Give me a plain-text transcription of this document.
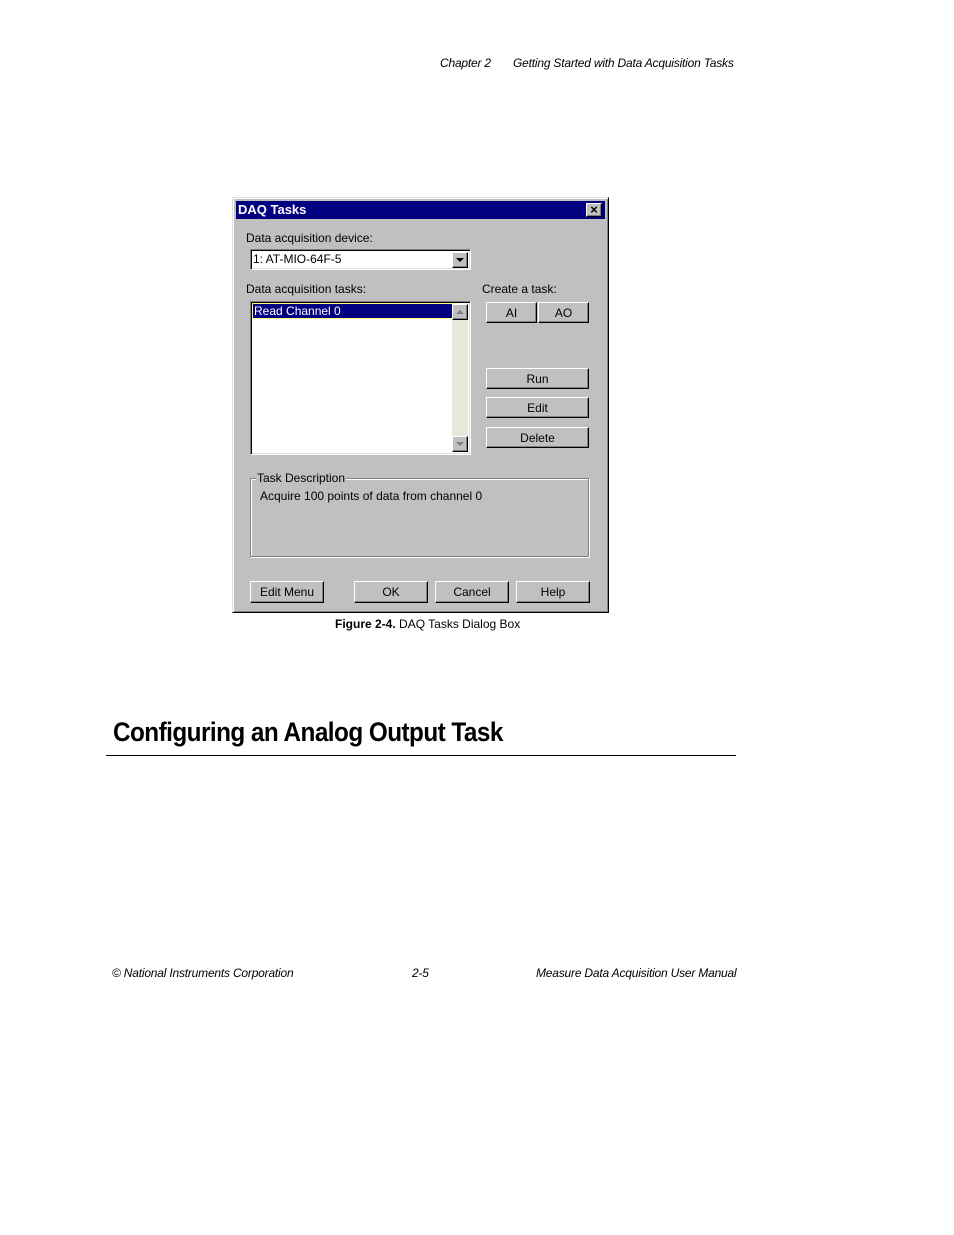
Chapter 2 Getting Started with Data Acquisition Tasks
DAQ Tasks	×
Data acquisition device:
1: AT-MIO-64F-5
Data acquisition tasks:	Create a task:
Read Channel 0	AI	AO
Run
Edit
Delete
Task Description
Acquire 100 points of data from channel 0
Edit Menu	OK	Cancel	Help
Figure 2-4. DAQ Tasks Dialog Box
Configuring an Analog Output Task
© National Instruments Corporation	2-5	Measure Data Acquisition User Manual
